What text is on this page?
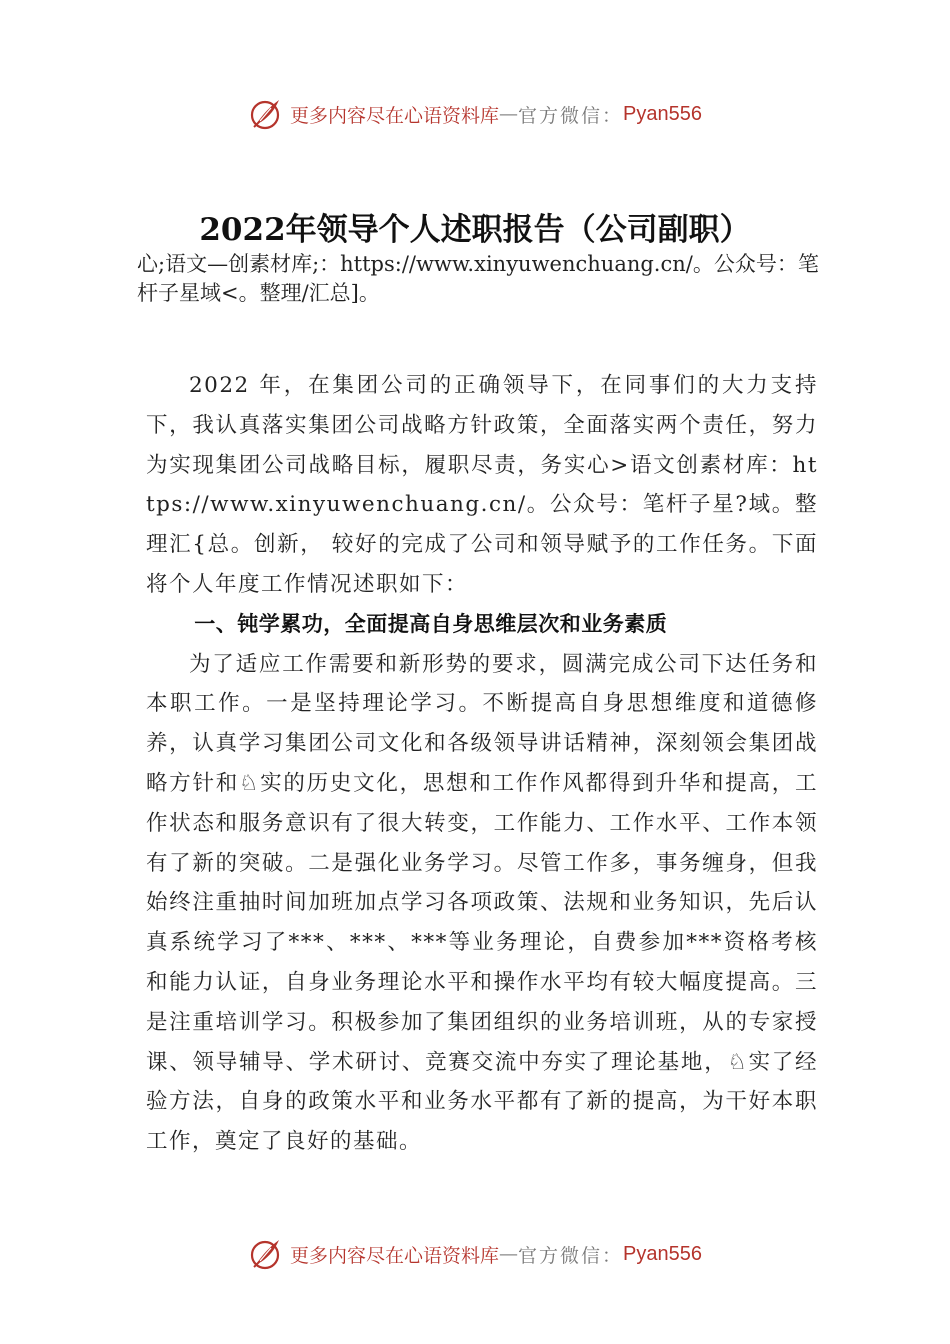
更多内容尽在心语资料库 — 官方微信： Pyan556
2022年领导个人述职报告（公司副职）

心;语文—创素材库;：https://www.xinyuwenchuang.cn/。公众号：笔杆子星域<。整理/汇总]。

2022 年，在集团公司的正确领导下，在同事们的大力支持下，我认真落实集团公司战略方针政策，全面落实两个责任，努力为实现集团公司战略目标，履职尽责，务实心>语文创素材库：https://www.xinyuwenchuang.cn/。公众号：笔杆子星?域。整理汇{总。创新， 较好的完成了公司和领导赋予的工作任务。下面将个人年度工作情况述职如下：

一、钝学累功，全面提高自身思维层次和业务素质

为了适应工作需要和新形势的要求，圆满完成公司下达任务和本职工作。一是坚持理论学习。不断提高自身思想维度和道德修养，认真学习集团公司文化和各级领导讲话精神，深刻领会集团战略方针和♘实的历史文化，思想和工作作风都得到升华和提高，工作状态和服务意识有了很大转变，工作能力、工作水平、工作本领有了新的突破。二是强化业务学习。尽管工作多，事务缠身，但我始终注重抽时间加班加点学习各项政策、法规和业务知识，先后认真系统学习了***、***、***等业务理论，自费参加***资格考核和能力认证，自身业务理论水平和操作水平均有较大幅度提高。三是注重培训学习。积极参加了集团组织的业务培训班，从的专家授课、领导辅导、学术研讨、竞赛交流中夯实了理论基地，♘实了经验方法，自身的政策水平和业务水平都有了新的提高，为干好本职工作，奠定了良好的基础。

更多内容尽在心语资料库 — 官方微信： Pyan556
